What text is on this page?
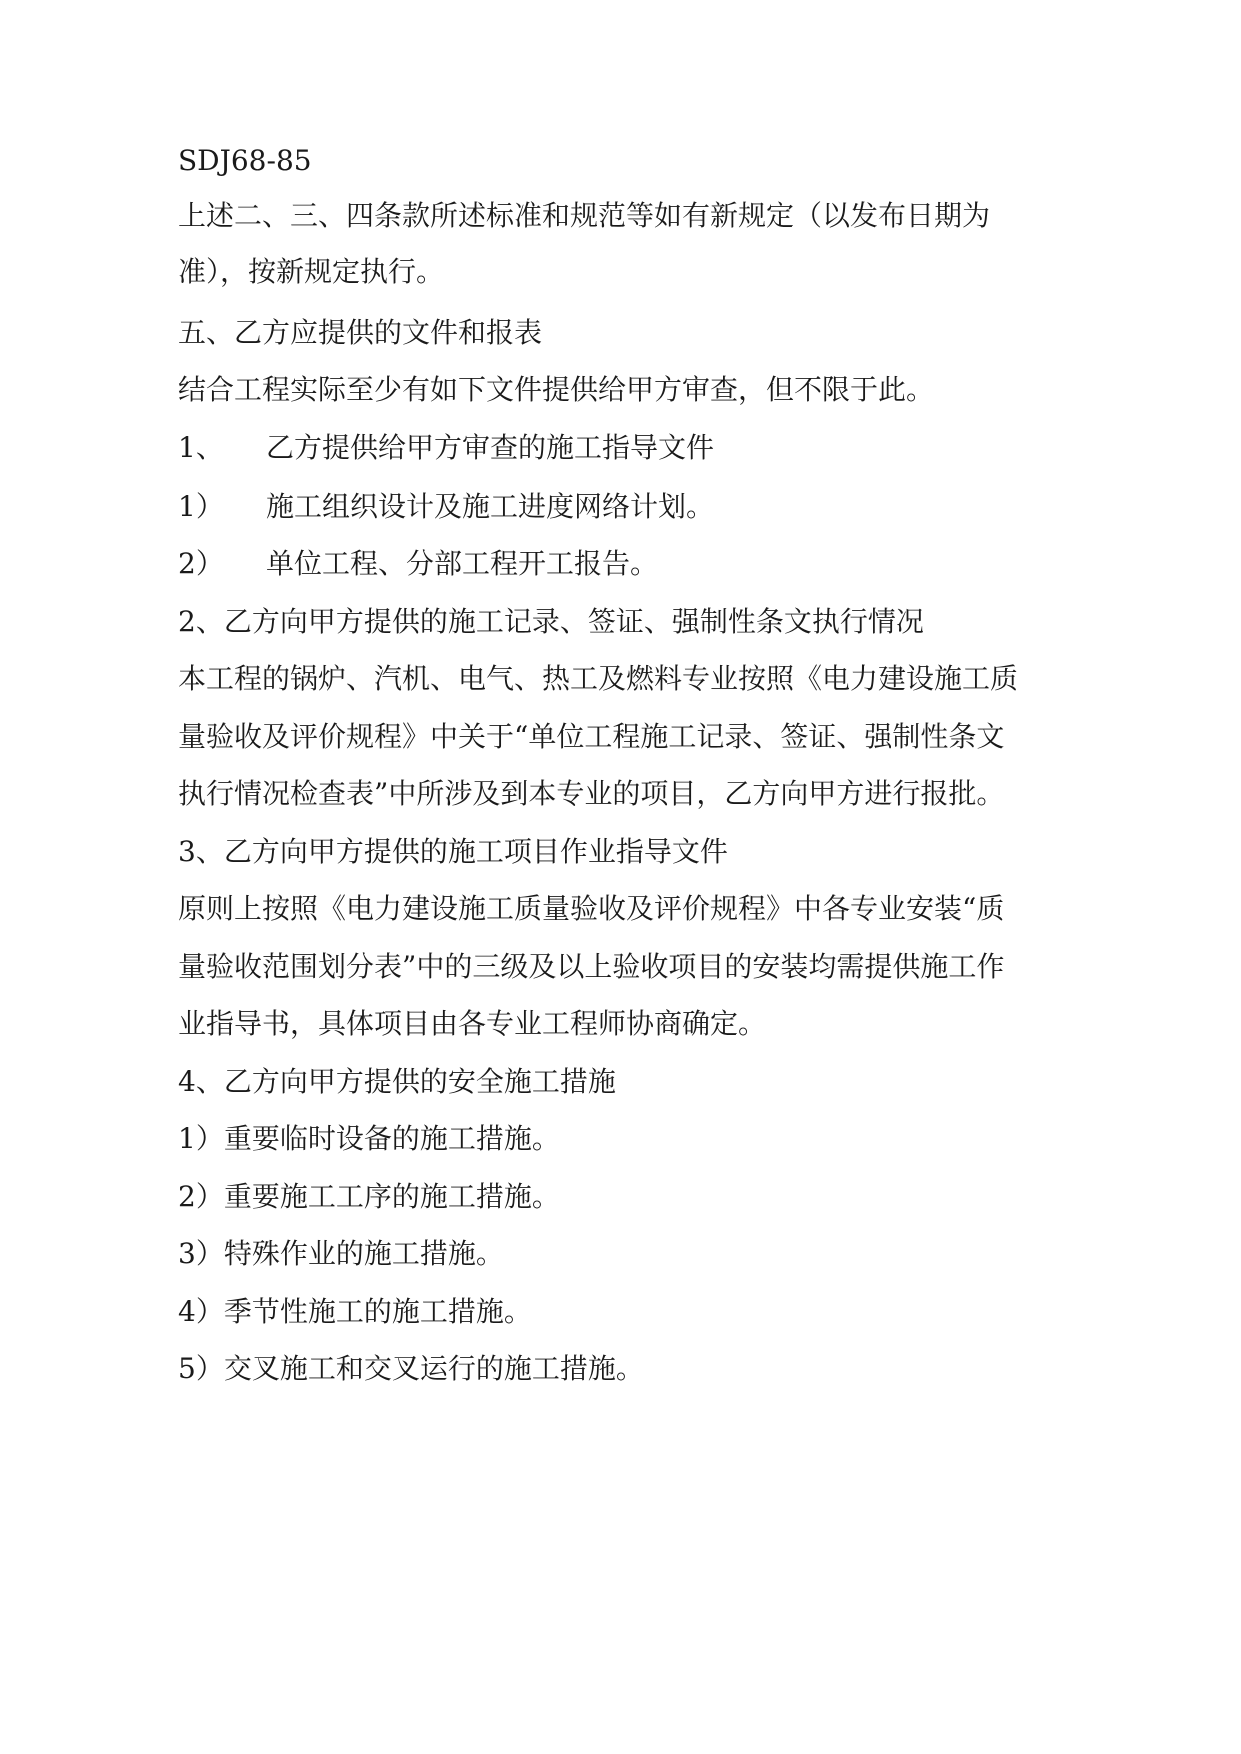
SDJ68-85
上述二、三、四条款所述标准和规范等如有新规定（以发布日期为
准），按新规定执行。
五、乙方应提供的文件和报表
结合工程实际至少有如下文件提供给甲方审查，但不限于此。
1、 乙方提供给甲方审查的施工指导文件
1） 施工组织设计及施工进度网络计划。
2） 单位工程、分部工程开工报告。
2、乙方向甲方提供的施工记录、签证、强制性条文执行情况
本工程的锅炉、汽机、电气、热工及燃料专业按照《电力建设施工质
量验收及评价规程》中关于“单位工程施工记录、签证、强制性条文
执行情况检查表”中所涉及到本专业的项目，乙方向甲方进行报批。
3、乙方向甲方提供的施工项目作业指导文件
原则上按照《电力建设施工质量验收及评价规程》中各专业安装“质
量验收范围划分表”中的三级及以上验收项目的安装均需提供施工作
业指导书，具体项目由各专业工程师协商确定。
4、乙方向甲方提供的安全施工措施
1）重要临时设备的施工措施。
2）重要施工工序的施工措施。
3）特殊作业的施工措施。
4）季节性施工的施工措施。
5）交叉施工和交叉运行的施工措施。
